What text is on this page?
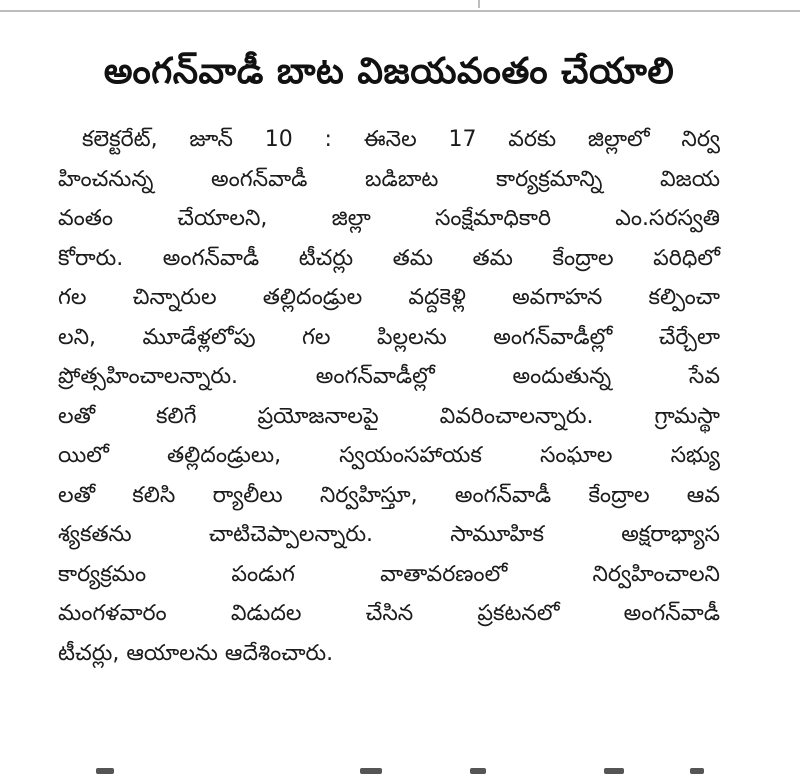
అంగన్‌వాడీ బాట విజయవంతం చేయాలి
కలెక్టరేట్, జూన్ 10 : ఈనెల 17 వరకు జిల్లాలో నిర్వ
హించనున్న అంగన్‌వాడీ బడిబాట కార్యక్రమాన్ని విజయ
వంతం చేయాలని, జిల్లా సంక్షేమాధికారి ఎం.సరస్వతి
కోరారు. అంగన్‌వాడీ టీచర్లు తమ తమ కేంద్రాల పరిధిలో
గల చిన్నారుల తల్లిదండ్రుల వద్దకెళ్లి అవగాహన కల్పించా
లని, మూడేళ్లలోపు గల పిల్లలను అంగన్‌వాడీల్లో చేర్చేలా
ప్రోత్సహించాలన్నారు. అంగన్‌వాడీల్లో అందుతున్న సేవ
లతో కలిగే ప్రయోజనాలపై వివరించాలన్నారు. గ్రామస్థా
యిలో తల్లిదండ్రులు, స్వయంసహాయక సంఘాల సభ్యు
లతో కలిసి ర్యాలీలు నిర్వహిస్తూ, అంగన్‌వాడీ కేంద్రాల ఆవ
శ్యకతను చాటిచెప్పాలన్నారు. సామూహిక అక్షరాభ్యాస
కార్యక్రమం పండుగ వాతావరణంలో నిర్వహించాలని
మంగళవారం విడుదల చేసిన ప్రకటనలో అంగన్‌వాడీ
టీచర్లు, ఆయాలను ఆదేశించారు.
